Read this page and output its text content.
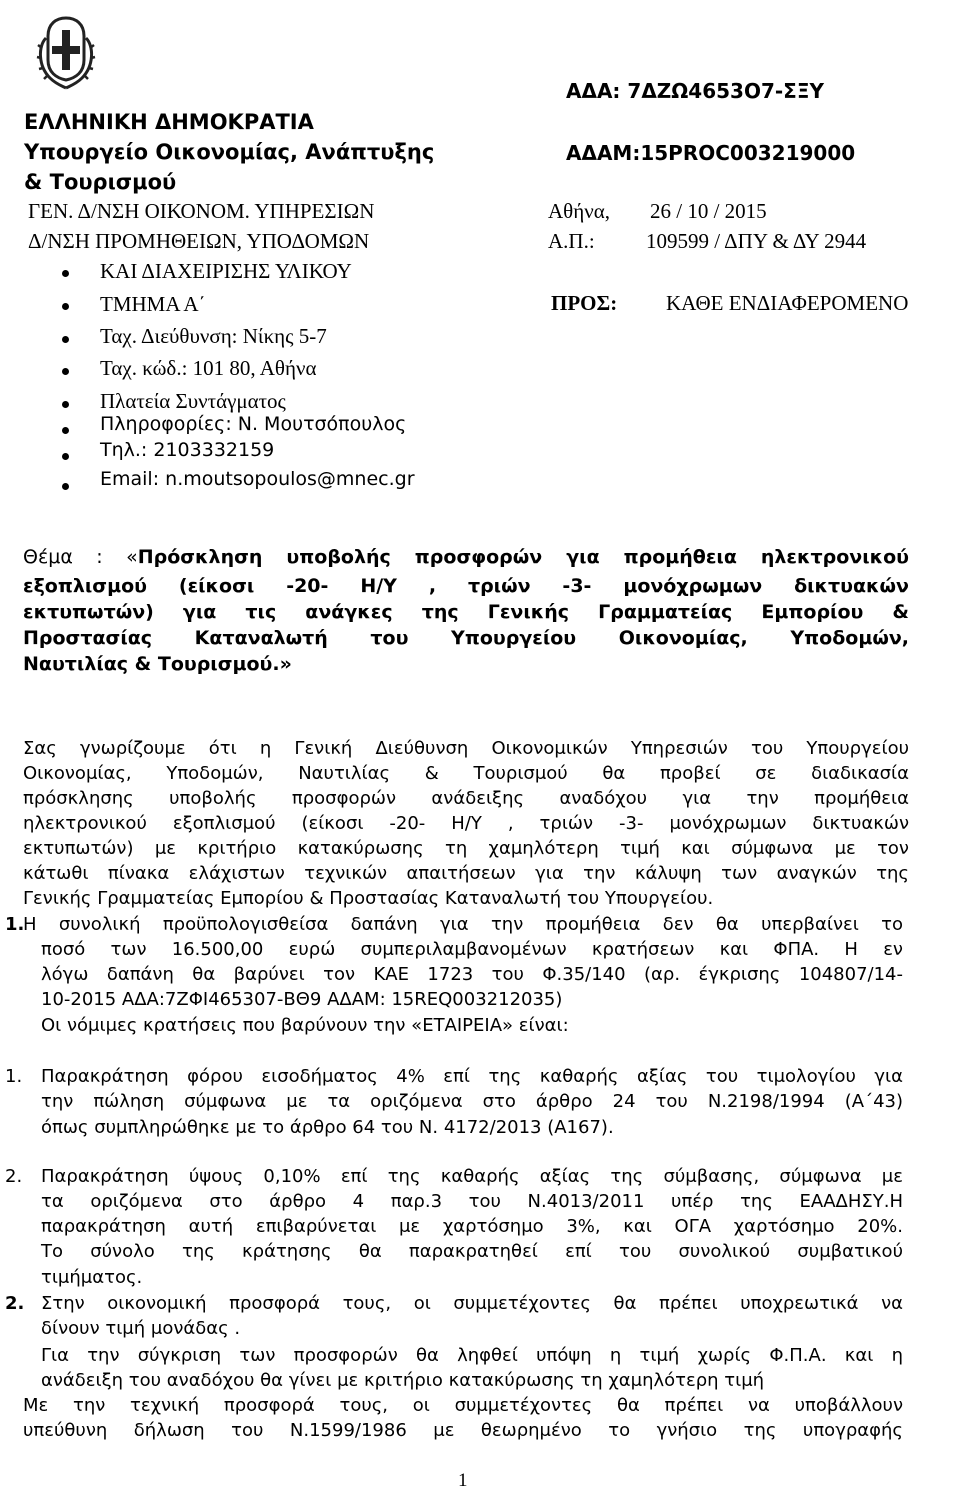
ΕΛΛΗΝΙΚΗ ΔΗΜΟΚΡΑΤΙΑ
Υπουργείο Οικονομίας, Ανάπτυξης
& Τουρισμού
ΓΕΝ. Δ/ΝΣΗ ΟΙΚΟΝΟΜ. ΥΠΗΡΕΣΙΩΝ
Δ/ΝΣΗ ΠΡΟΜΗΘΕΙΩΝ, ΥΠΟΔΟΜΩΝ
ΚΑΙ ΔΙΑΧΕΙΡΙΣΗΣ ΥΛΙΚΟΥ
ΤΜΗΜΑ Α΄
Ταχ. Διεύθυνση: Νίκης 5-7
Ταχ. κώδ.: 101 80, Αθήνα
Πλατεία Συντάγματος
Πληροφορίες: Ν. Μουτσόπουλος
Τηλ.: 2103332159
Email: n.moutsopoulos@mnec.gr
ΑΔΑ: 7ΔΖΩ4653Ο7-ΣΞΥ
ΑΔΑΜ:15PROC003219000
Αθήνα, 26 / 10 / 2015
Α.Π.: 109599 / ΔΠΥ & ΔΥ 2944
ΠΡΟΣ: ΚΑΘΕ ΕΝΔΙΑΦΕΡΟΜΕΝΟ
Θέμα : «Πρόσκληση υποβολής προσφορών για προμήθεια ηλεκτρονικού
εξοπλισμού (είκοσι -20- Η/Υ , τριών -3- μονόχρωμων δικτυακών
εκτυπωτών) για τις ανάγκες της Γενικής Γραμματείας Εμπορίου &
Προστασίας Καταναλωτή του Υπουργείου Οικονομίας, Υποδομών,
Ναυτιλίας & Τουρισμού.»
Σας γνωρίζουμε ότι η Γενική Διεύθυνση Οικονομικών Υπηρεσιών του Υπουργείου
Οικονομίας, Υποδομών, Ναυτιλίας & Τουρισμού θα προβεί σε διαδικασία
πρόσκλησης υποβολής προσφορών ανάδειξης αναδόχου για την προμήθεια
ηλεκτρονικού εξοπλισμού (είκοσι -20- Η/Υ , τριών -3- μονόχρωμων δικτυακών
εκτυπωτών) με κριτήριο κατακύρωσης τη χαμηλότερη τιμή και σύμφωνα με τον
κάτωθι πίνακα ελάχιστων τεχνικών απαιτήσεων για την κάλυψη των αναγκών της
Γενικής Γραμματείας Εμπορίου & Προστασίας Καταναλωτή του Υπουργείου.
1.
Η συνολική προϋπολογισθείσα δαπάνη για την προμήθεια δεν θα υπερβαίνει το
ποσό των 16.500,00 ευρώ συμπεριλαμβανομένων κρατήσεων και ΦΠΑ. Η εν
λόγω δαπάνη θα βαρύνει τον ΚΑΕ 1723 του Φ.35/140 (αρ. έγκρισης 104807/14-
10-2015 ΑΔΑ:7ΖΦΙ465307-ΒΘ9 ΑΔΑΜ: 15REQ003212035)
Οι νόμιμες κρατήσεις που βαρύνουν την «ΕΤΑΙΡΕΙΑ» είναι:
1. Παρακράτηση φόρου εισοδήματος 4% επί της καθαρής αξίας του τιμολογίου για
την πώληση σύμφωνα με τα οριζόμενα στο άρθρο 24 του Ν.2198/1994 (Α΄43)
όπως συμπληρώθηκε με το άρθρο 64 του Ν. 4172/2013 (Α167).
2. Παρακράτηση ύψους 0,10% επί της καθαρής αξίας της σύμβασης, σύμφωνα με
τα οριζόμενα στο άρθρο 4 παρ.3 του Ν.4013/2011 υπέρ της ΕΑΑΔΗΣΥ.Η
παρακράτηση αυτή επιβαρύνεται με χαρτόσημο 3%, και ΟΓΑ χαρτόσημο 20%.
Το σύνολο της κράτησης θα παρακρατηθεί επί του συνολικού συμβατικού
τιμήματος.
2. Στην οικονομική προσφορά τους, οι συμμετέχοντες θα πρέπει υποχρεωτικά να
δίνουν τιμή μονάδας .
Για την σύγκριση των προσφορών θα ληφθεί υπόψη η τιμή χωρίς Φ.Π.Α. και η
ανάδειξη του αναδόχου θα γίνει με κριτήριο κατακύρωσης τη χαμηλότερη τιμή
Με την τεχνική προσφορά τους, οι συμμετέχοντες θα πρέπει να υποβάλλουν
υπεύθυνη δήλωση του Ν.1599/1986 με θεωρημένο το γνήσιο της υπογραφής
1
